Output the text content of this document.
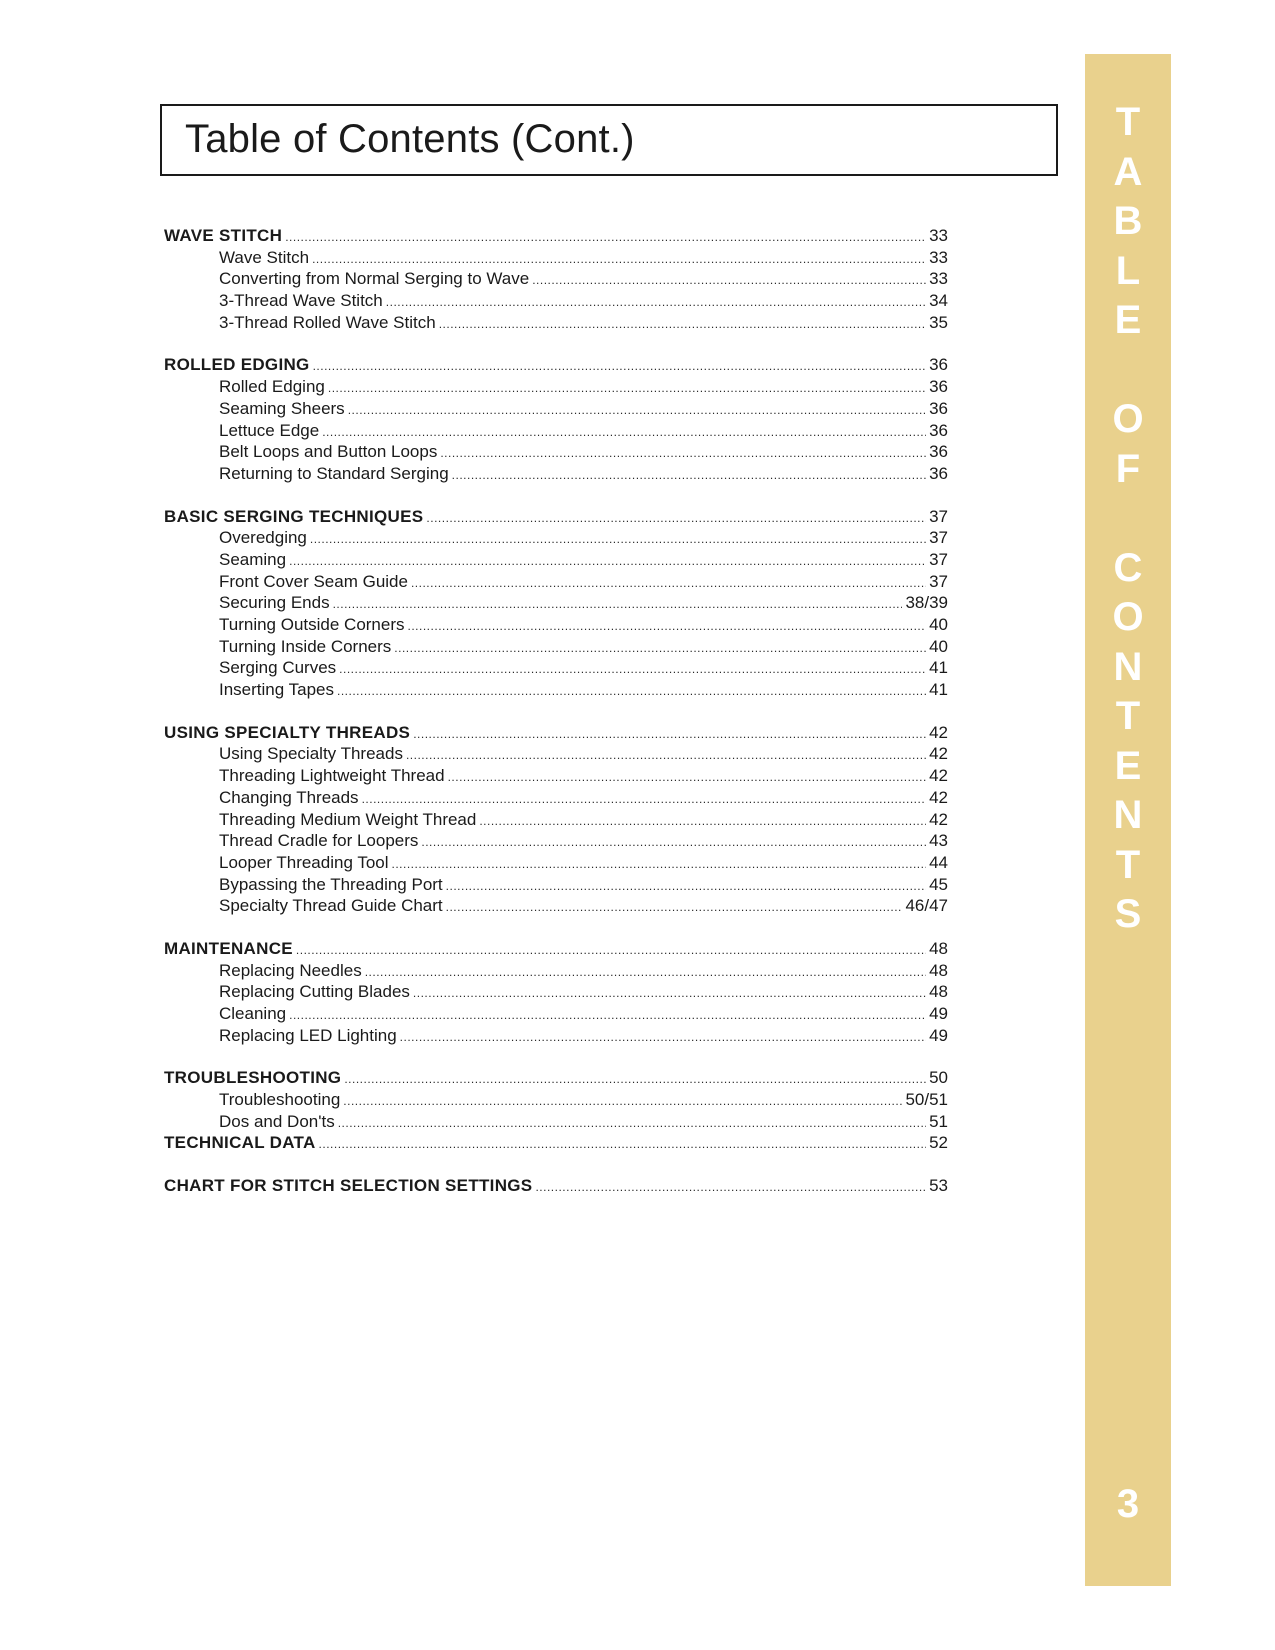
Table of Contents (Cont.)
WAVE STITCH .....	33
Wave Stitch .....	33
Converting from Normal Serging to Wave .....	33
3-Thread Wave Stitch .....	34
3-Thread Rolled Wave Stitch .....	35
ROLLED EDGING .....	36
Rolled Edging .....	36
Seaming Sheers .....	36
Lettuce Edge .....	36
Belt Loops and Button Loops .....	36
Returning to Standard Serging .....	36
BASIC SERGING TECHNIQUES .....	37
Overedging .....	37
Seaming .....	37
Front Cover Seam Guide .....	37
Securing Ends .....	38/39
Turning Outside Corners .....	40
Turning Inside Corners .....	40
Serging Curves .....	41
Inserting Tapes .....	41
USING SPECIALTY THREADS .....	42
Using Specialty Threads .....	42
Threading Lightweight Thread .....	42
Changing Threads .....	42
Threading Medium Weight Thread .....	42
Thread Cradle for Loopers .....	43
Looper Threading Tool .....	44
Bypassing the Threading Port .....	45
Specialty Thread Guide Chart .....	46/47
MAINTENANCE .....	48
Replacing Needles .....	48
Replacing Cutting Blades .....	48
Cleaning .....	49
Replacing LED Lighting .....	49
TROUBLESHOOTING .....	50
Troubleshooting .....	50/51
Dos and Don'ts .....	51
TECHNICAL DATA .....	52
CHART FOR STITCH SELECTION SETTINGS .....	53
T
A
B
L
E
O
F
C
O
N
T
E
N
T
S
3
